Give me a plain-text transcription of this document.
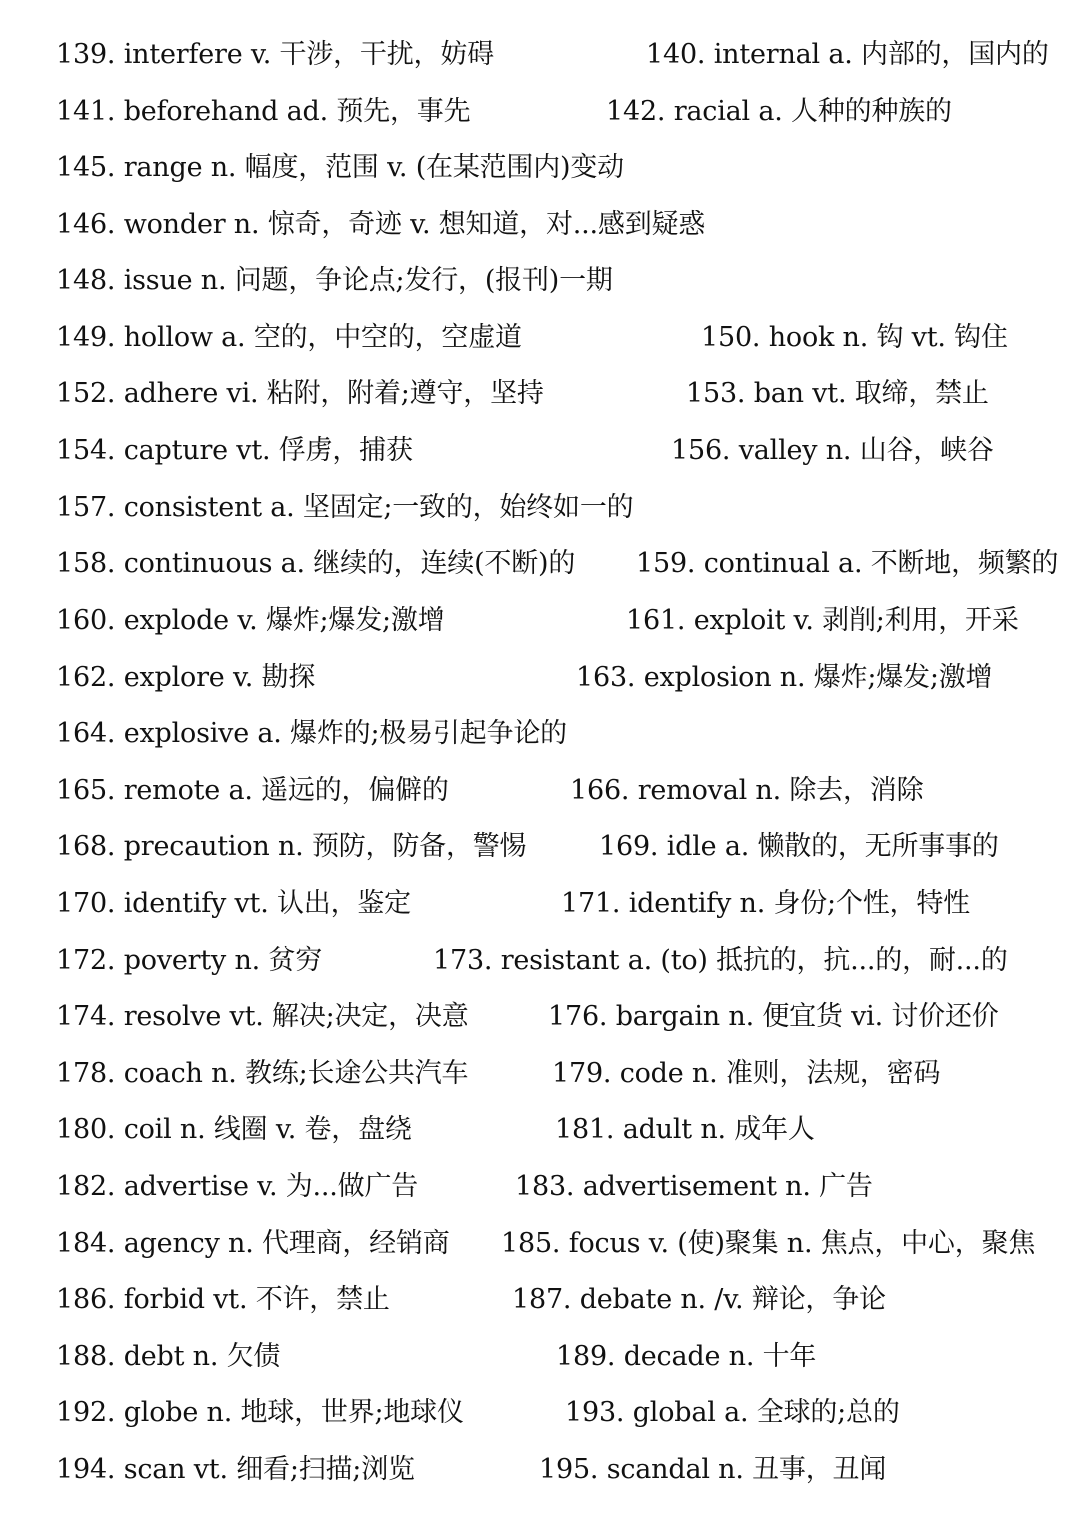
139. interfere v. 干涉，干扰，妨碍	140. internal a. 内部的，国内的
141. beforehand ad. 预先，事先	142. racial a. 人种的种族的
145. range n. 幅度，范围 v. (在某范围内)变动
146. wonder n. 惊奇，奇迹 v. 想知道，对...感到疑惑
148. issue n. 问题，争论点;发行，(报刊)一期
149. hollow a. 空的，中空的，空虚道	150. hook n. 钩 vt. 钩住
152. adhere vi. 粘附，附着;遵守，坚持	153. ban vt. 取缔，禁止
154. capture vt. 俘虏，捕获	156. valley n. 山谷，峡谷
157. consistent a. 坚固定;一致的，始终如一的
158. continuous a. 继续的，连续(不断)的 159. continual a. 不断地，频繁的
160. explode v. 爆炸;爆发;激增	161. exploit v. 剥削;利用，开采
162. explore v. 勘探	163. explosion n. 爆炸;爆发;激增
164. explosive a. 爆炸的;极易引起争论的
165. remote a. 遥远的，偏僻的	166. removal n. 除去，消除
168. precaution n. 预防，防备，警惕	169. idle a. 懒散的，无所事事的
170. identify vt. 认出，鉴定	171. identify n. 身份;个性，特性
172. poverty n. 贫穷	173. resistant a. (to) 抵抗的，抗...的，耐...的
174. resolve vt. 解决;决定，决意	176. bargain n. 便宜货 vi. 讨价还价
178. coach n. 教练;长途公共汽车	179. code n. 准则，法规，密码
180. coil n. 线圈 v. 卷，盘绕	181. adult n. 成年人
182. advertise v. 为...做广告	183. advertisement n. 广告
184. agency n. 代理商，经销商 185. focus v. (使)聚集 n. 焦点，中心，聚焦
186. forbid vt. 不许，禁止	187. debate n. /v. 辩论，争论
188. debt n. 欠债	189. decade n. 十年
192. globe n. 地球，世界;地球仪	193. global a. 全球的;总的
194. scan vt. 细看;扫描;浏览	195. scandal n. 丑事，丑闻
